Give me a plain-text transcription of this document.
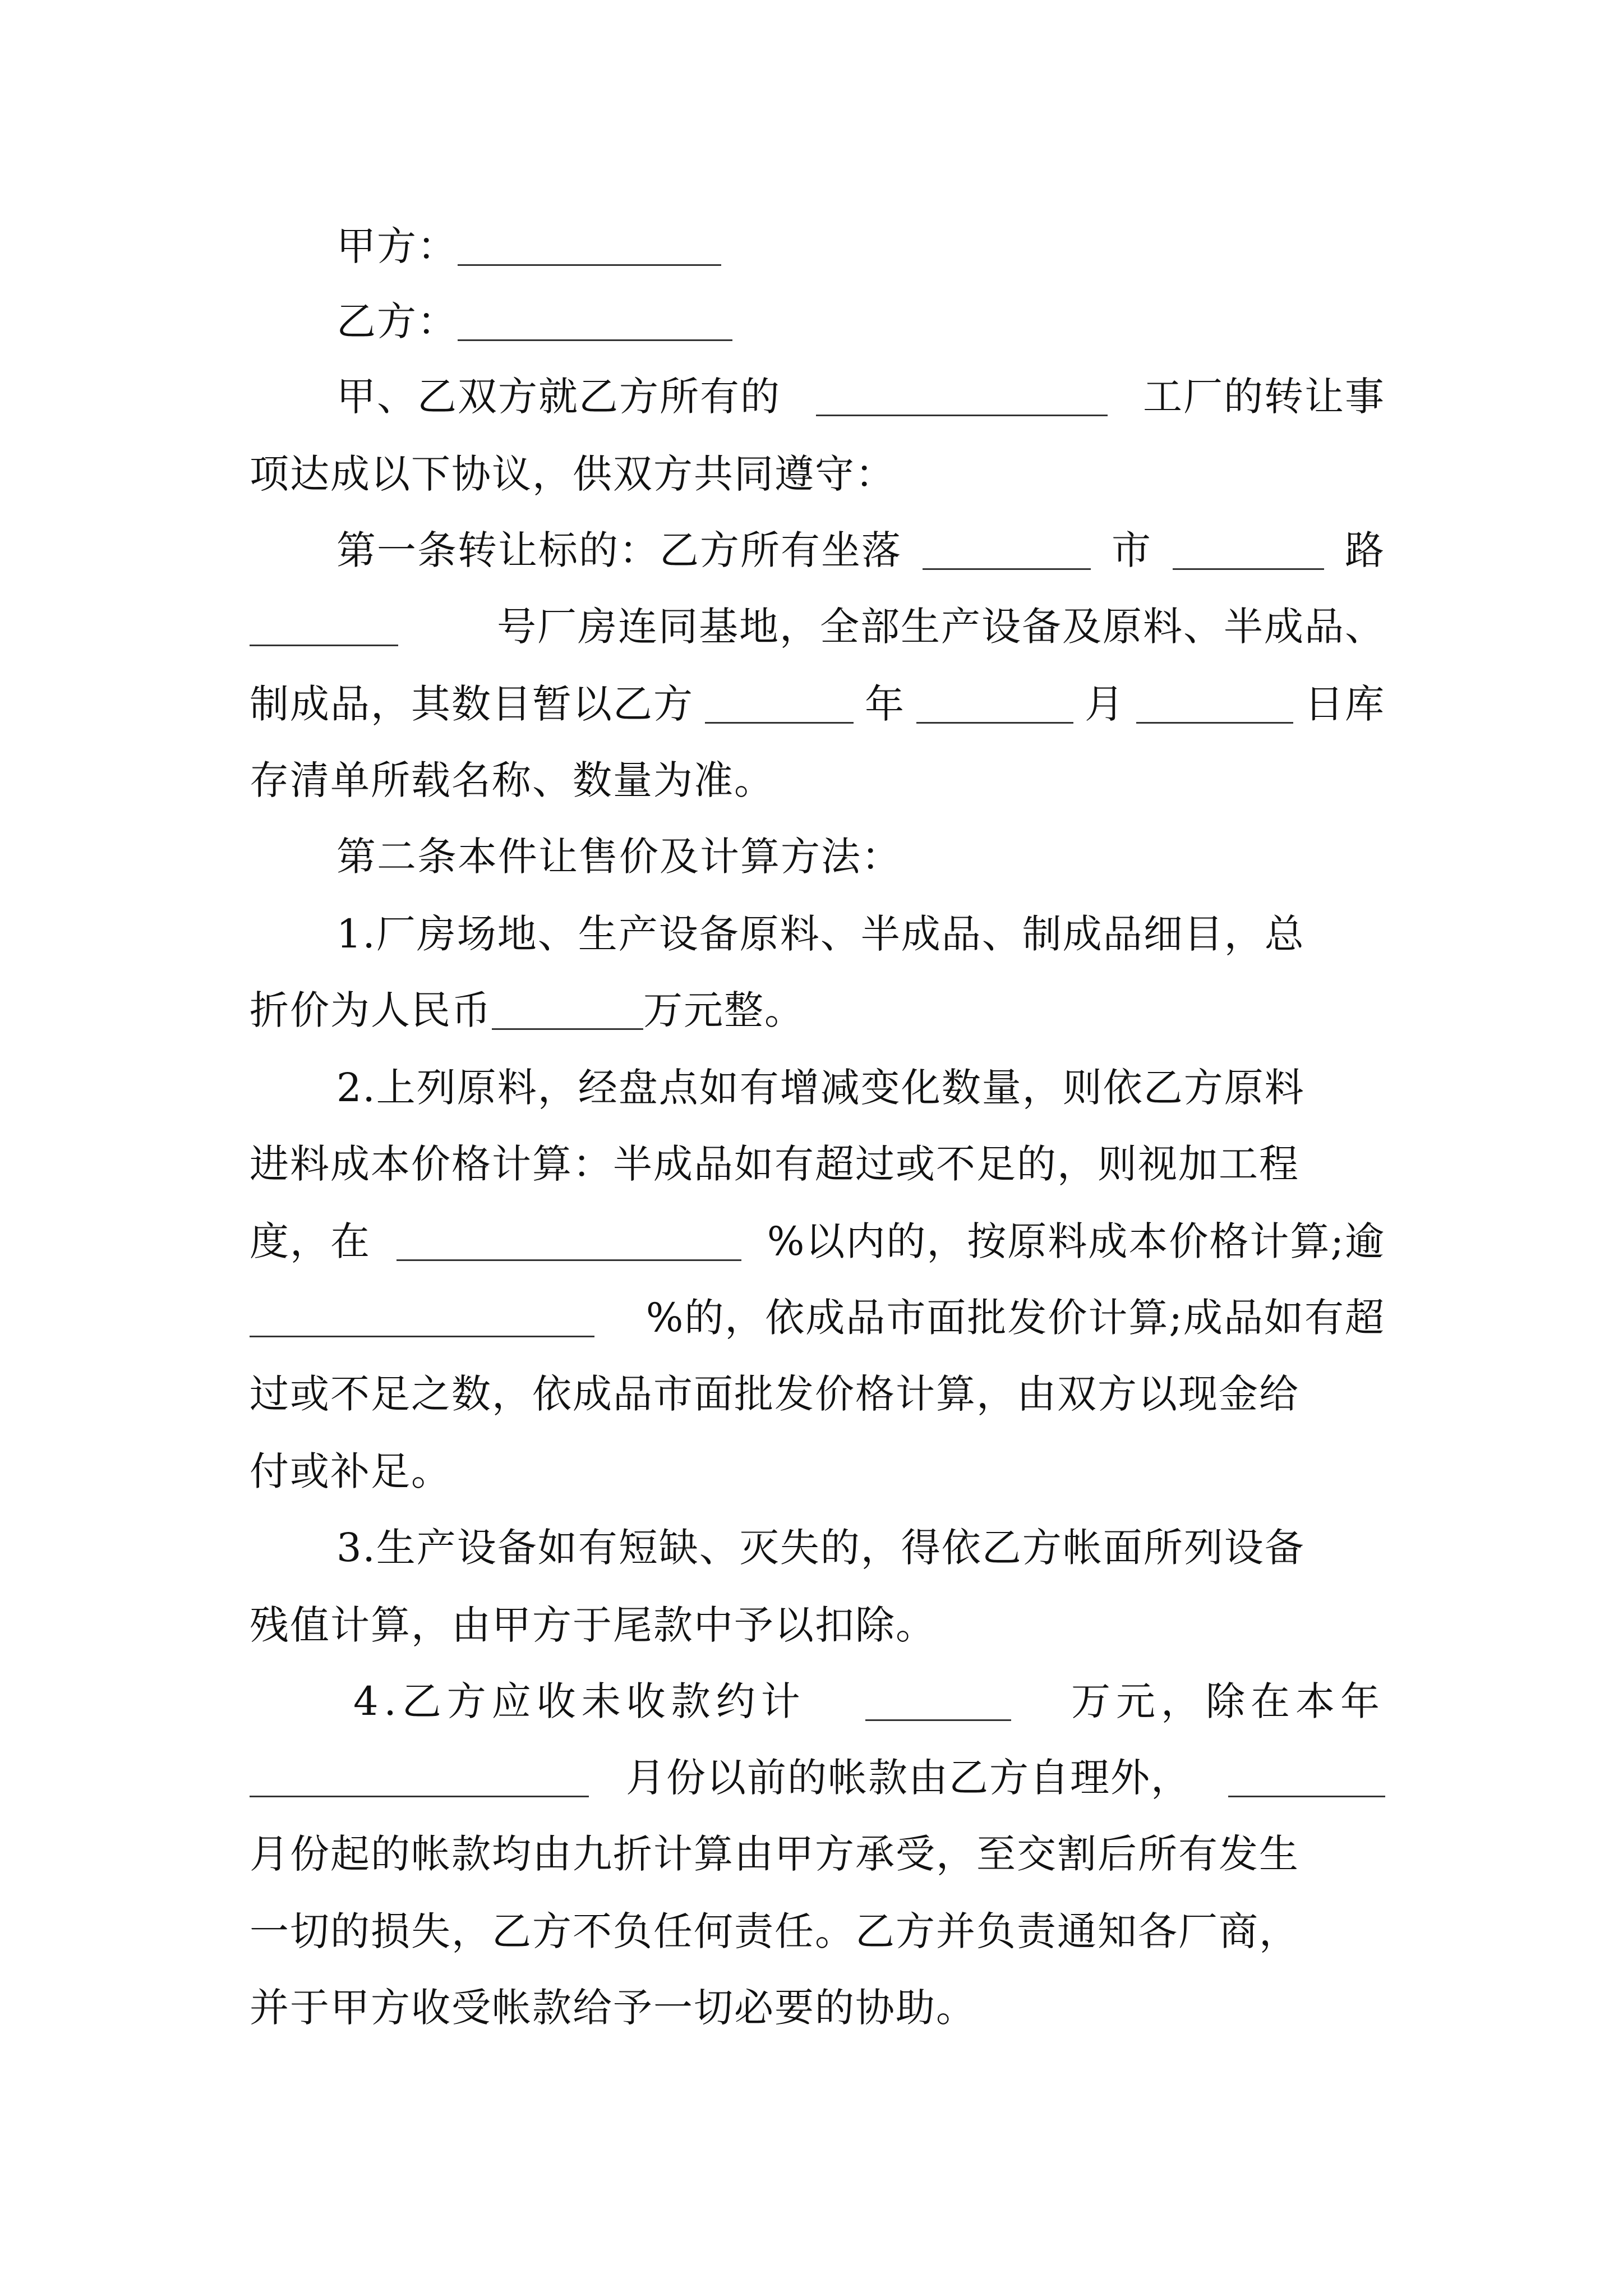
甲方：
乙方：
甲、乙双方就乙方所有的	工厂的转让事
项达成以下协议，供双方共同遵守：
第一条转让标的：乙方所有坐落	市	路
号厂房连同基地，全部生产设备及原料、半成品、
制成品，其数目暂以乙方	年	月	日库
存清单所载名称、数量为准。
第二条本件让售价及计算方法：
1.厂房场地、生产设备原料、半成品、制成品细目，总
折价为人民币	万元整。
2.上列原料，经盘点如有增减变化数量，则依乙方原料
进料成本价格计算：半成品如有超过或不足的，则视加工程
度，在	%以内的，按原料成本价格计算;逾
%的，依成品市面批发价计算;成品如有超
过或不足之数，依成品市面批发价格计算，由双方以现金给
付或补足。
3.生产设备如有短缺、灭失的，得依乙方帐面所列设备
残值计算，由甲方于尾款中予以扣除。
4.乙方应收未收款约计	万元，除在本年
月份以前的帐款由乙方自理外，
月份起的帐款均由九折计算由甲方承受，至交割后所有发生
一切的损失，乙方不负任何责任。乙方并负责通知各厂商，
并于甲方收受帐款给予一切必要的协助。
